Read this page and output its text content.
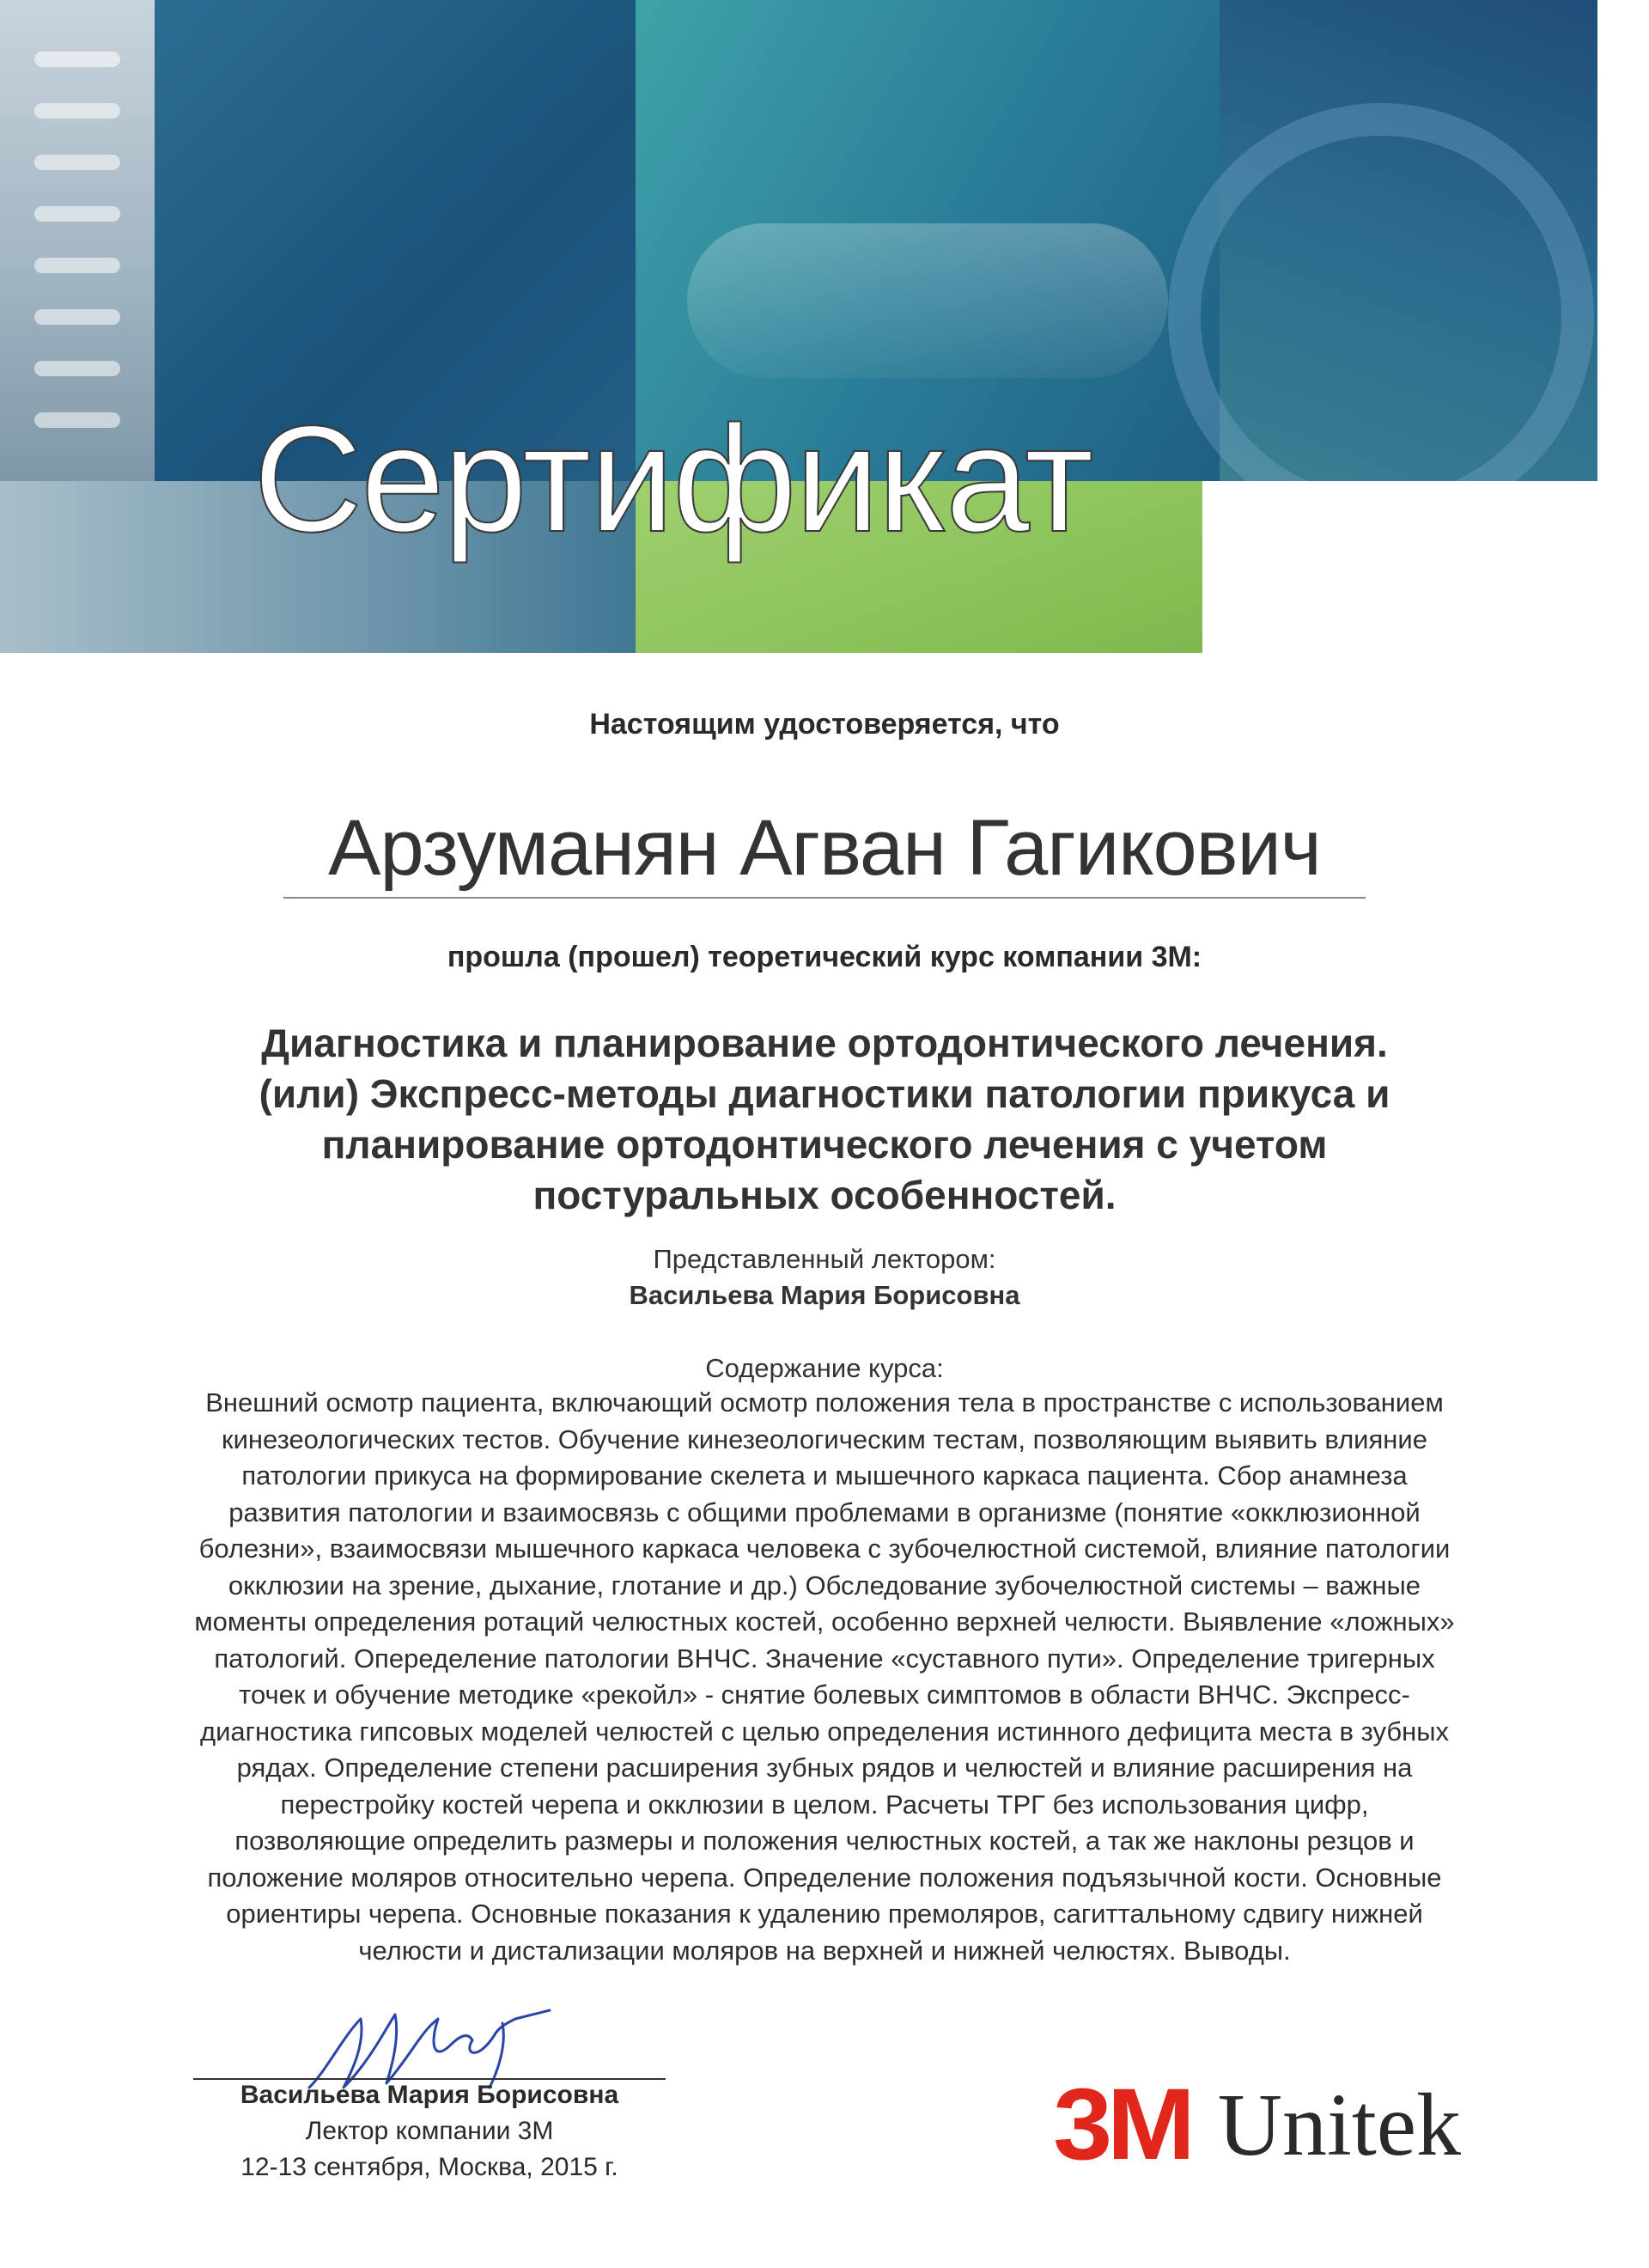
Сертификат
Настоящим удостоверяется, что
Арзуманян Агван Гагикович
прошла (прошел) теоретический курс компании 3М:
Диагностика и планирование ортодонтического лечения.
(или) Экспресс-методы диагностики патологии прикуса и
планирование ортодонтического лечения с учетом
постуральных особенностей.
Представленный лектором:
Васильева Мария Борисовна
Содержание курса:
Внешний осмотр пациента, включающий осмотр положения тела в пространстве с использованием
кинезеологических тестов. Обучение кинезеологическим тестам, позволяющим выявить влияние
патологии прикуса на формирование скелета и мышечного каркаса пациента. Сбор анамнеза
развития патологии и взаимосвязь с общими проблемами в организме (понятие «окклюзионной
болезни», взаимосвязи мышечного каркаса человека с зубочелюстной системой, влияние патологии
окклюзии на зрение, дыхание, глотание и др.) Обследование зубочелюстной системы – важные
моменты определения ротаций челюстных костей, особенно верхней челюсти. Выявление «ложных»
патологий. Опеределение патологии ВНЧС. Значение «суставного пути». Определение тригерных
точек и обучение методике «рекойл» - снятие болевых симптомов в области ВНЧС. Экспресс-
диагностика гипсовых моделей челюстей с целью определения истинного дефицита места в зубных
рядах. Определение степени расширения зубных рядов и челюстей и влияние расширения на
перестройку костей черепа и окклюзии в целом. Расчеты ТРГ без использования цифр,
позволяющие определить размеры и положения челюстных костей, а так же наклоны резцов и
положение моляров относительно черепа. Определение положения подъязычной кости. Основные
ориентиры черепа. Основные показания к удалению премоляров, сагиттальному сдвигу нижней
челюсти и дистализации моляров на верхней и нижней челюстях. Выводы.
Васильева Мария Борисовна
Лектор компании 3М
12-13 сентября, Москва, 2015 г.	3M Unitek
